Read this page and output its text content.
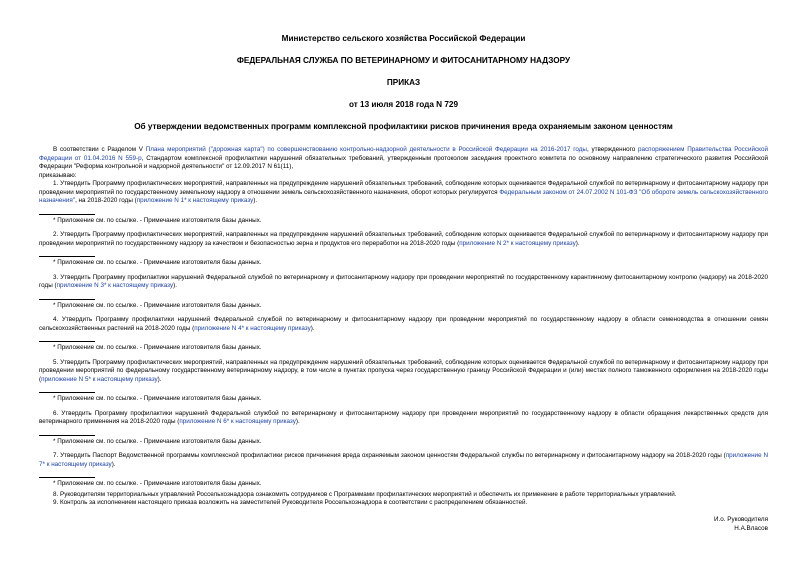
Министерство сельского хозяйства Российской Федерации
ФЕДЕРАЛЬНАЯ СЛУЖБА ПО ВЕТЕРИНАРНОМУ И ФИТОСАНИТАРНОМУ НАДЗОРУ
ПРИКАЗ
от 13 июля 2018 года N 729
Об утверждении ведомственных программ комплексной профилактики рисков причинения вреда охраняемым законом ценностям

В соответствии с Разделом V Плана мероприятий ("дорожная карта") по совершенствованию контрольно-надзорной деятельности в Российской Федерации на 2016-2017 годы, утвержденного распоряжением Правительства Российской Федерации от 01.04.2016 N 559-р, Стандартом комплексной профилактики нарушений обязательных требований, утвержденным протоколом заседания проектного комитета по основному направлению стратегического развития Российской Федерации "Реформа контрольной и надзорной деятельности" от 12.09.2017 N 61(11),

приказываю:

1. Утвердить Программу профилактических мероприятий, направленных на предупреждение нарушений обязательных требований, соблюдение которых оценивается Федеральной службой по ветеринарному и фитосанитарному надзору при проведении мероприятий по государственному земельному надзору в отношении земель сельскохозяйственного назначения, оборот которых регулируется Федеральным законом от 24.07.2002 N 101-ФЗ "Об обороте земель сельскохозяйственного назначения", на 2018-2020 годы (приложение N 1* к настоящему приказу).

* Приложение см. по ссылке. - Примечание изготовителя базы данных.

2. Утвердить Программу профилактических мероприятий, направленных на предупреждение нарушений обязательных требований, соблюдение которых оценивается Федеральной службой по ветеринарному и фитосанитарному надзору при проведении мероприятий по государственному надзору за качеством и безопасностью зерна и продуктов его переработки на 2018-2020 годы (приложение N 2* к настоящему приказу).

* Приложение см. по ссылке. - Примечание изготовителя базы данных.

3. Утвердить Программу профилактики нарушений Федеральной службой по ветеринарному и фитосанитарному надзору при проведении мероприятий по государственному карантинному фитосанитарному контролю (надзору) на 2018-2020 годы (приложение N 3* к настоящему приказу).

* Приложение см. по ссылке. - Примечание изготовителя базы данных.

4. Утвердить Программу профилактики нарушений Федеральной службой по ветеринарному и фитосанитарному надзору при проведении мероприятий по государственному надзору в области семеноводства в отношении семян сельскохозяйственных растений на 2018-2020 годы (приложение N 4* к настоящему приказу).

* Приложение см. по ссылке. - Примечание изготовителя базы данных.

5. Утвердить Программу профилактических мероприятий, направленных на предупреждение нарушений обязательных требований, соблюдение которых оценивается Федеральной службой по ветеринарному и фитосанитарному надзору при проведении мероприятий по федеральному государственному ветеринарному надзору, в том числе в пунктах пропуска через государственную границу Российской Федерации и (или) местах полного таможенного оформления на 2018-2020 годы (приложение N 5* к настоящему приказу).

* Приложение см. по ссылке. - Примечание изготовителя базы данных.

6. Утвердить Программу профилактики нарушений Федеральной службой по ветеринарному и фитосанитарному надзору при проведении мероприятий по государственному надзору в области обращения лекарственных средств для ветеринарного применения на 2018-2020 годы (приложение N 6* к настоящему приказу).

* Приложение см. по ссылке. - Примечание изготовителя базы данных.

7. Утвердить Паспорт Ведомственной программы комплексной профилактики рисков причинения вреда охраняемым законом ценностям Федеральной службы по ветеринарному и фитосанитарному надзору на 2018-2020 годы (приложение N 7* к настоящему приказу).

* Приложение см. по ссылке. - Примечание изготовителя базы данных.

8. Руководителям территориальных управлений Россельхознадзора ознакомить сотрудников с Программами профилактических мероприятий и обеспечить их применение в работе территориальных управлений.

9. Контроль за исполнением настоящего приказа возложить на заместителей Руководителя Россельхознадзора в соответствии с распределением обязанностей.

И.о. Руководителя
Н.А.Власов
